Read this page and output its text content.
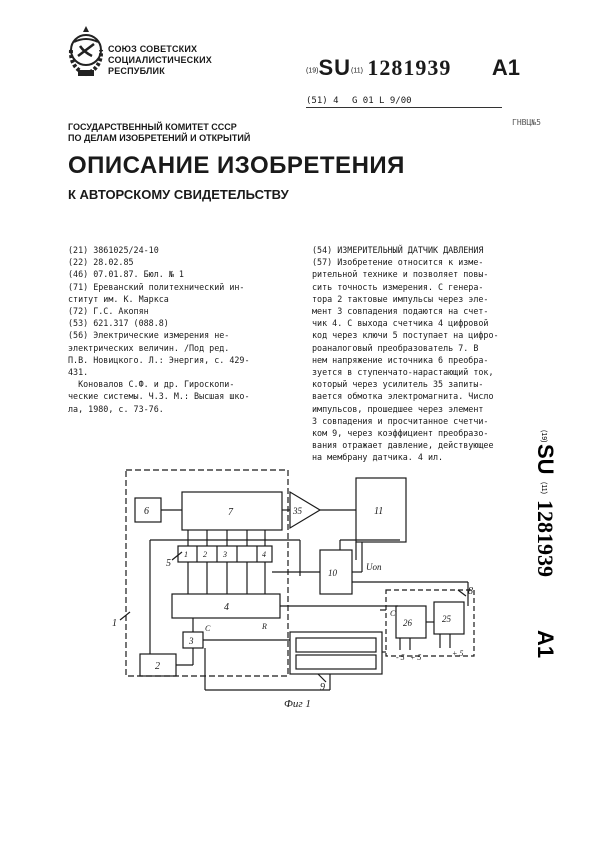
СОЮЗ СОВЕТСКИХ
СОЦИАЛИСТИЧЕСКИХ
РЕСПУБЛИК	(19)SU(11) 1281939 A1
(51) 4 G 01 L 9/00
ГОСУДАРСТВЕННЫЙ КОМИТЕТ СССР
ПО ДЕЛАМ ИЗОБРЕТЕНИЙ И ОТКРЫТИЙ
ГНВЦ№5
ОПИСАНИЕ ИЗОБРЕТЕНИЯ
К АВТОРСКОМУ СВИДЕТЕЛЬСТВУ

(21) 3861025/24-10

(22) 28.02.85

(46) 07.01.87. Бюл. № 1

(71) Ереванский политехнический ин-

ститут им. К. Маркса

(72) Г.С. Акопян

(53) 621.317 (088.8)

(56) Электрические измерения не-

электрических величин. /Под ред.

П.В. Новицкого. Л.: Энергия, с. 429-

431.

Коновалов С.Ф. и др. Гироскопи-

ческие системы. Ч.3. М.: Высшая шко-

ла, 1980, с. 73-76.

(54) ИЗМЕРИТЕЛЬНЫЙ ДАТЧИК ДАВЛЕНИЯ

(57) Изобретение относится к изме-

рительной технике и позволяет повы-

сить точность измерения. С генера-

тора 2 тактовые импульсы через эле-

мент 3 совпадения подаются на счет-

чик 4. С выхода счетчика 4 цифровой

код через ключи 5 поступает на цифро-

роаналоговый преобразователь 7. В

нем напряжение источника 6 преобра-

зуется в ступенчато-нарастающий ток,

который через усилитель 35 запиты-

вается обмотка электромагнита. Число

импульсов, прошедшее через элемент

3 совпадения и просчитанное счетчи-

ком 9, через коэффициент преобразо-

вания отражает давление, действующее

на мембрану датчика. 4 ил.

(19)
SU
(11)
1281939
A1
6	7	35	11
1 2 3	4
10
4
3
2
26	25
1
5
8
9
C
C
R
Uоп
+ 5	+ 5
- 5
Фиг 1
